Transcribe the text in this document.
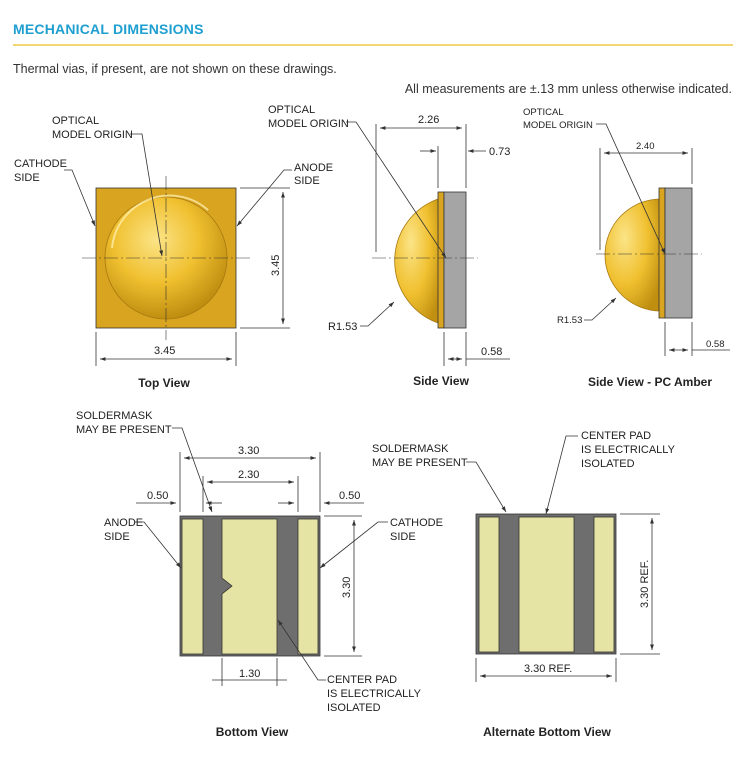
MECHANICAL DIMENSIONS

Thermal vias, if present, are not shown on these drawings.

All measurements are ±.13 mm unless otherwise indicated.

OPTICAL
MODEL ORIGIN
CATHODE
SIDE
ANODE
SIDE
3.45
3.45
Top View
2.26
0.73
OPTICAL
MODEL ORIGIN
R1.53
0.58
Side View
2.40
OPTICAL
MODEL ORIGIN
R1.53
0.58
Side View - PC Amber
3.30
2.30
0.50	0.50
3.30
1.30
SOLDERMASK
MAY BE PRESENT
ANODE
SIDE
CATHODE
SIDE
CENTER PAD
IS ELECTRICALLY
ISOLATED
Bottom View
3.30 REF.
3.30 REF.
SOLDERMASK
MAY BE PRESENT
CENTER PAD
IS ELECTRICALLY
ISOLATED
Alternate Bottom View
